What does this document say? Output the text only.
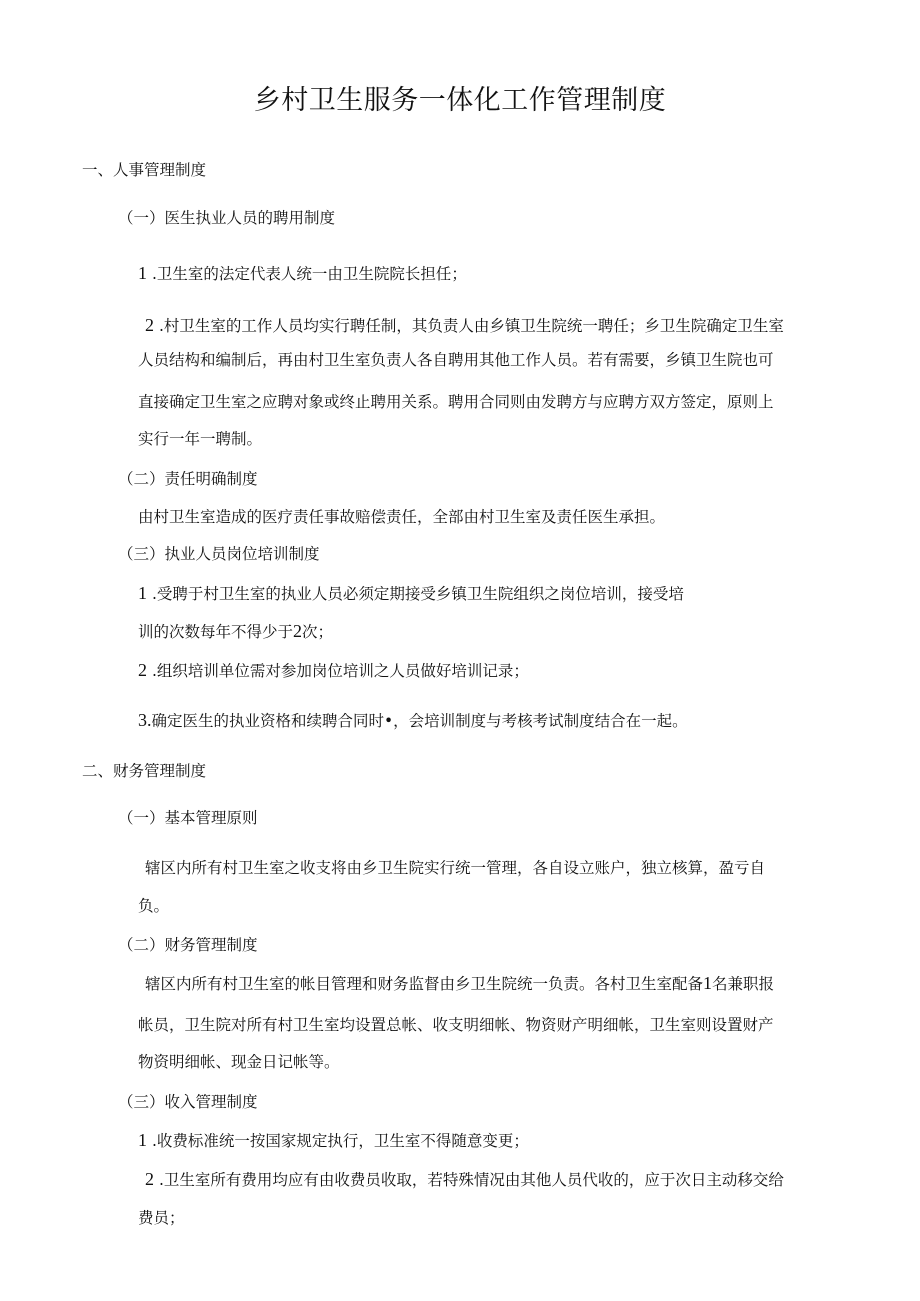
乡村卫生服务一体化工作管理制度
一、人事管理制度
（一）医生执业人员的聘用制度
1 .卫生室的法定代表人统一由卫生院院长担任；
2 .村卫生室的工作人员均实行聘任制，其负责人由乡镇卫生院统一聘任；乡卫生院确定卫生室
人员结构和编制后，再由村卫生室负责人各自聘用其他工作人员。若有需要，乡镇卫生院也可
直接确定卫生室之应聘对象或终止聘用关系。聘用合同则由发聘方与应聘方双方签定，原则上
实行一年一聘制。
（二）责任明确制度
由村卫生室造成的医疗责任事故赔偿责任，全部由村卫生室及责任医生承担。
（三）执业人员岗位培训制度
1 .受聘于村卫生室的执业人员必须定期接受乡镇卫生院组织之岗位培训，接受培
训的次数每年不得少于2次；
2 .组织培训单位需对参加岗位培训之人员做好培训记录；
3.确定医生的执业资格和续聘合同时•，会培训制度与考核考试制度结合在一起。
二、财务管理制度
（一）基本管理原则
辖区内所有村卫生室之收支将由乡卫生院实行统一管理，各自设立账户，独立核算，盈亏自
负。
（二）财务管理制度
辖区内所有村卫生室的帐目管理和财务监督由乡卫生院统一负责。各村卫生室配备1名兼职报
帐员，卫生院对所有村卫生室均设置总帐、收支明细帐、物资财产明细帐，卫生室则设置财产
物资明细帐、现金日记帐等。
（三）收入管理制度
1 .收费标准统一按国家规定执行，卫生室不得随意变更；
2 .卫生室所有费用均应有由收费员收取，若特殊情况由其他人员代收的，应于次日主动移交给
费员；
